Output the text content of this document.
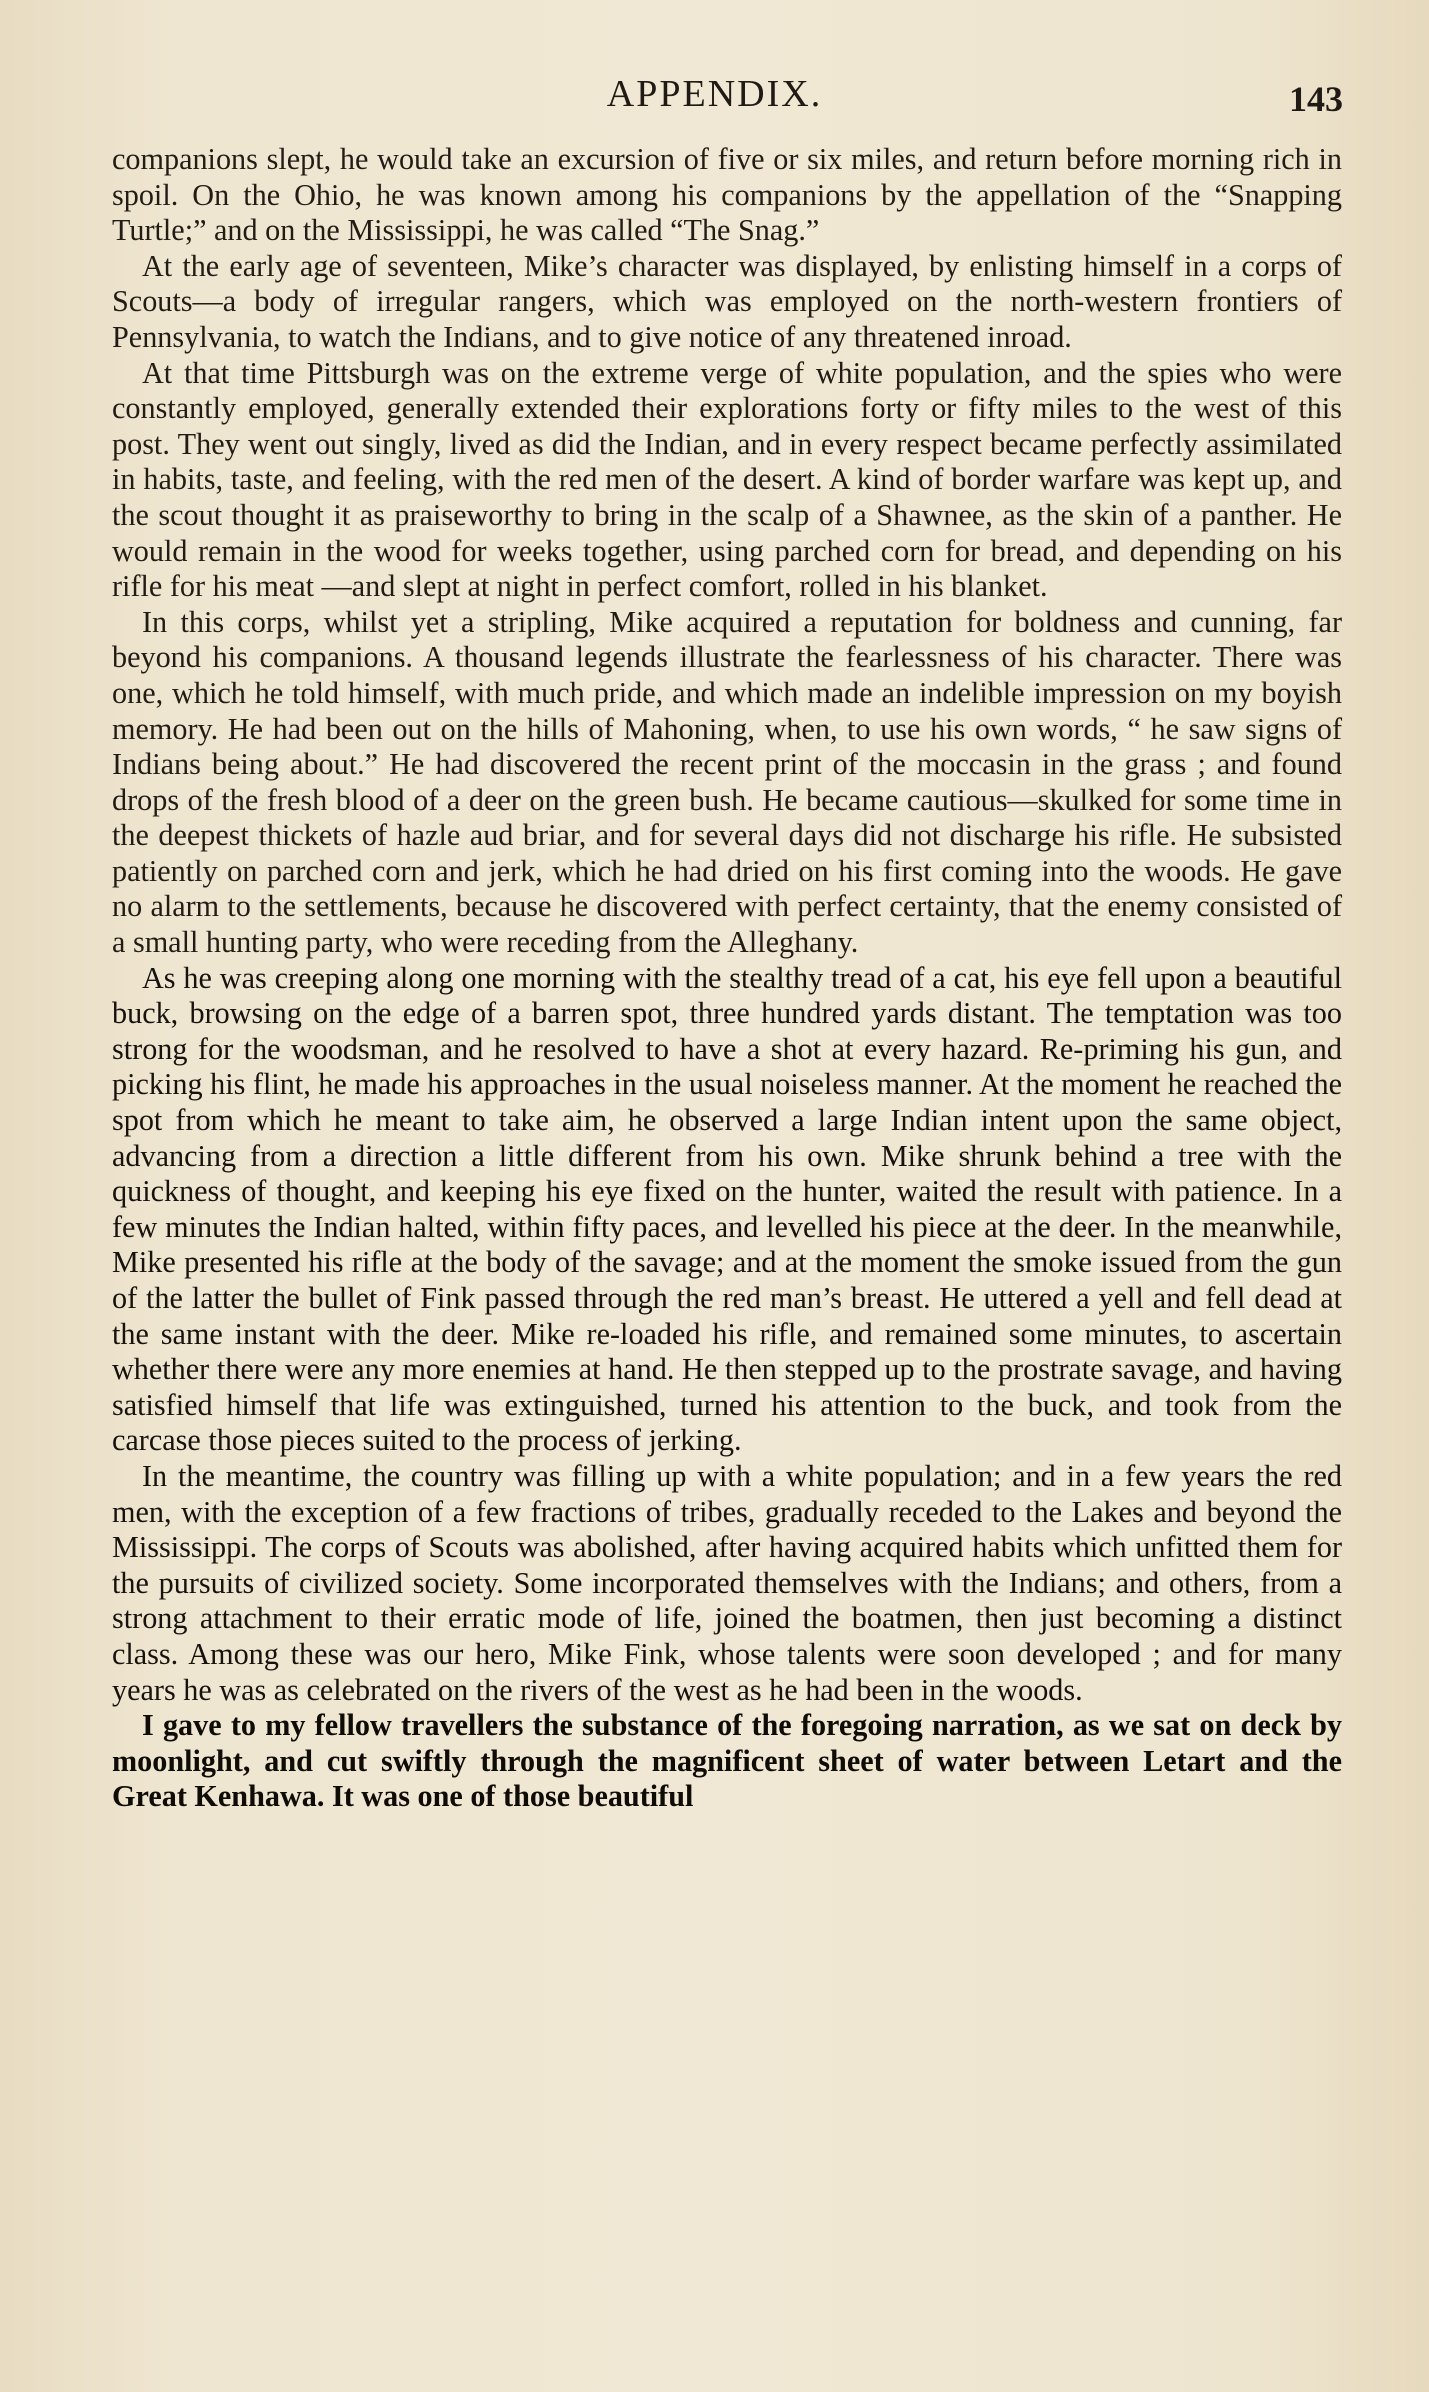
APPENDIX.	143

companions slept, he would take an excursion of five or six miles, and return before morning rich in spoil. On the Ohio, he was known among his companions by the appellation of the “Snapping Turtle;” and on the Mississippi, he was called “The Snag.”

At the early age of seventeen, Mike’s character was displayed, by enlisting himself in a corps of Scouts—a body of irregular rangers, which was employed on the north-western frontiers of Pennsylvania, to watch the Indians, and to give notice of any threatened inroad.

At that time Pittsburgh was on the extreme verge of white population, and the spies who were constantly employed, generally extended their explorations forty or fifty miles to the west of this post. They went out singly, lived as did the Indian, and in every respect became perfectly assimilated in habits, taste, and feeling, with the red men of the desert. A kind of border warfare was kept up, and the scout thought it as praiseworthy to bring in the scalp of a Shawnee, as the skin of a panther. He would remain in the wood for weeks together, using parched corn for bread, and depending on his rifle for his meat —and slept at night in perfect comfort, rolled in his blanket.

In this corps, whilst yet a stripling, Mike acquired a reputation for boldness and cunning, far beyond his companions. A thousand legends illustrate the fearlessness of his character. There was one, which he told himself, with much pride, and which made an indelible impression on my boyish memory. He had been out on the hills of Mahoning, when, to use his own words, “ he saw signs of Indians being about.” He had discovered the recent print of the moccasin in the grass ; and found drops of the fresh blood of a deer on the green bush. He became cautious—skulked for some time in the deepest thickets of hazle aud briar, and for several days did not discharge his rifle. He subsisted patiently on parched corn and jerk, which he had dried on his first coming into the woods. He gave no alarm to the settlements, because he discovered with perfect certainty, that the enemy consisted of a small hunting party, who were receding from the Alleghany.

As he was creeping along one morning with the stealthy tread of a cat, his eye fell upon a beautiful buck, browsing on the edge of a barren spot, three hundred yards distant. The temptation was too strong for the woodsman, and he resolved to have a shot at every hazard. Re-priming his gun, and picking his flint, he made his approaches in the usual noiseless manner. At the moment he reached the spot from which he meant to take aim, he observed a large Indian intent upon the same object, advancing from a direction a little different from his own. Mike shrunk behind a tree with the quickness of thought, and keeping his eye fixed on the hunter, waited the result with patience. In a few minutes the Indian halted, within fifty paces, and levelled his piece at the deer. In the meanwhile, Mike presented his rifle at the body of the savage; and at the moment the smoke issued from the gun of the latter the bullet of Fink passed through the red man’s breast. He uttered a yell and fell dead at the same instant with the deer. Mike re-loaded his rifle, and remained some minutes, to ascertain whether there were any more enemies at hand. He then stepped up to the prostrate savage, and having satisfied himself that life was extinguished, turned his attention to the buck, and took from the carcase those pieces suited to the process of jerking.

In the meantime, the country was filling up with a white population; and in a few years the red men, with the exception of a few fractions of tribes, gradually receded to the Lakes and beyond the Mississippi. The corps of Scouts was abolished, after having acquired habits which unfitted them for the pursuits of civilized society. Some incorporated themselves with the Indians; and others, from a strong attachment to their erratic mode of life, joined the boatmen, then just becoming a distinct class. Among these was our hero, Mike Fink, whose talents were soon developed ; and for many years he was as celebrated on the rivers of the west as he had been in the woods.

I gave to my fellow travellers the substance of the foregoing narration, as we sat on deck by moonlight, and cut swiftly through the magnificent sheet of water between Letart and the Great Kenhawa. It was one of those beautiful
